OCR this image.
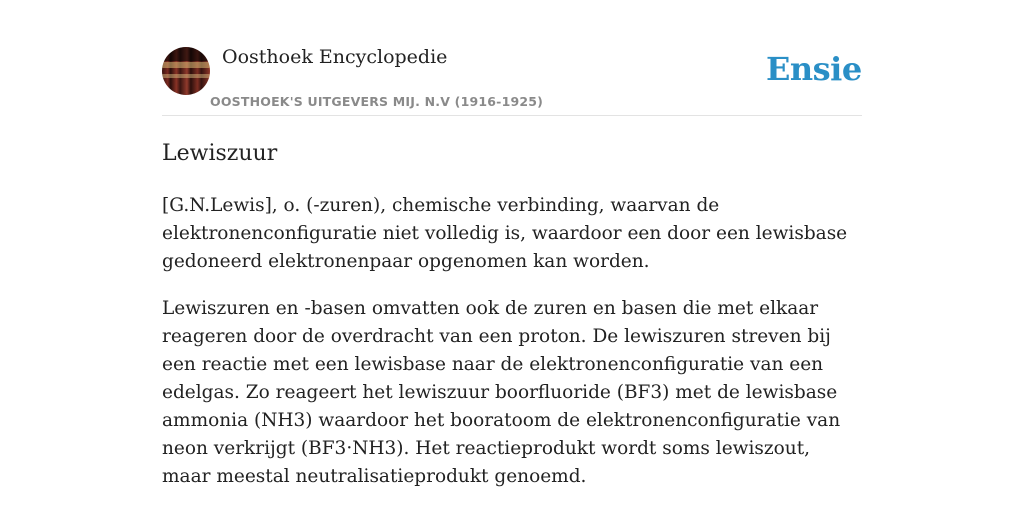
Oosthoek Encyclopedie
OOSTHOEK'S UITGEVERS MIJ. N.V (1916-1925)
Ensie
Lewiszuur

[G.N.Lewis], o. (-zuren), chemische verbinding, waarvan de elektronenconfiguratie niet volledig is, waardoor een door een lewisbase gedoneerd elektronenpaar opgenomen kan worden.

Lewiszuren en -basen omvatten ook de zuren en basen die met elkaar reageren door de overdracht van een proton. De lewiszuren streven bij een reactie met een lewisbase naar de elektronenconfiguratie van een edelgas. Zo reageert het lewiszuur boorfluoride (BF3) met de lewisbase ammonia (NH3) waardoor het booratoom de elektronenconfiguratie van neon verkrijgt (BF3·NH3). Het reactieprodukt wordt soms lewiszout, maar meestal neutralisatieprodukt genoemd.
